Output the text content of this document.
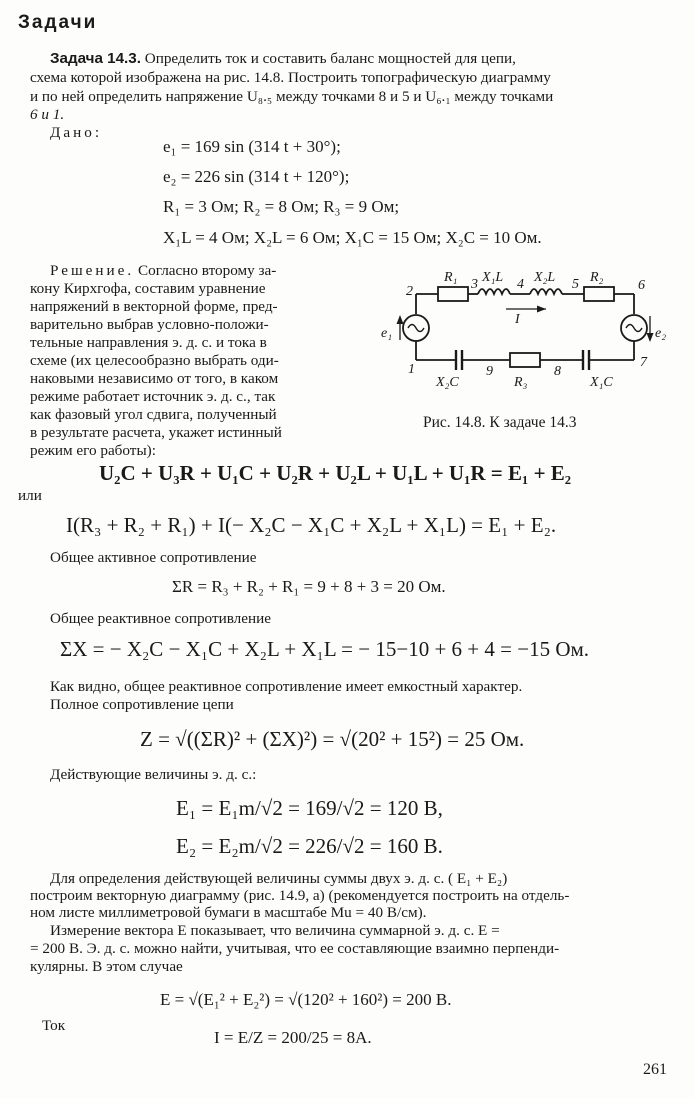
Задачи
Задача 14.3. Определить ток и составить баланс мощностей для цепи,
схема которой изображена на рис. 14.8. Построить топографическую диаграмму
и по ней определить напряжение U₈.₅ между точками 8 и 5 и U₆.₁ между точками
6 и 1.
Дано:
e₁ = 169 sin (314 t + 30°);
e₂ = 226 sin (314 t + 120°);
R₁ = 3 Ом; R₂ = 8 Ом; R₃ = 9 Ом;
X₁L = 4 Ом; X₂L = 6 Ом; X₁C = 15 Ом; X₂C = 10 Ом.
Решение. Согласно второму за-
кону Кирхгофа, составим уравнение
напряжений в векторной форме, пред-
варительно выбрав условно-положи-
тельные направления э. д. с. и тока в
схеме (их целесообразно выбрать оди-
наковыми независимо от того, в каком
режиме работает источник э. д. с., так
как фазовый угол сдвига, полученный
в результате расчета, укажет истинный
режим его работы):
2
1
3	4	5	6
7
8
9
R₁ X₁L X₂L R₂
X₂C	R₃	X₁C
e₁	e₂
I
Рис. 14.8. К задаче 14.3
U₂C + U₃R + U₁C + U₂R + U₂L + U₁L + U₁R = E₁ + E₂
или
I(R₃ + R₂ + R₁) + I(− X₂C − X₁C + X₂L + X₁L) = E₁ + E₂.
Общее активное сопротивление
ΣR = R₃ + R₂ + R₁ = 9 + 8 + 3 = 20 Ом.
Общее реактивное сопротивление
ΣX = − X₂C − X₁C + X₂L + X₁L = − 15−10 + 6 + 4 = −15 Ом.
Как видно, общее реактивное сопротивление имеет емкостный характер.
Полное сопротивление цепи
Z = √((ΣR)² + (ΣX)²) = √(20² + 15²) = 25 Ом.
Действующие величины э. д. с.:
E₁ = E₁m/√2 = 169/√2 = 120 В,
E₂ = E₂m/√2 = 226/√2 = 160 В.
Для определения действующей величины суммы двух э. д. с. ( E₁ + E₂)
построим векторную диаграмму (рис. 14.9, а) (рекомендуется построить на отдель-
ном листе миллиметровой бумаги в масштабе Mu = 40 В/см).
Измерение вектора E показывает, что величина суммарной э. д. с. E =
= 200 В. Э. д. с. можно найти, учитывая, что ее составляющие взаимно перпенди-
кулярны. В этом случае
E = √(E₁² + E₂²) = √(120² + 160²) = 200 В.
Ток
I = E/Z = 200/25 = 8А.
261
